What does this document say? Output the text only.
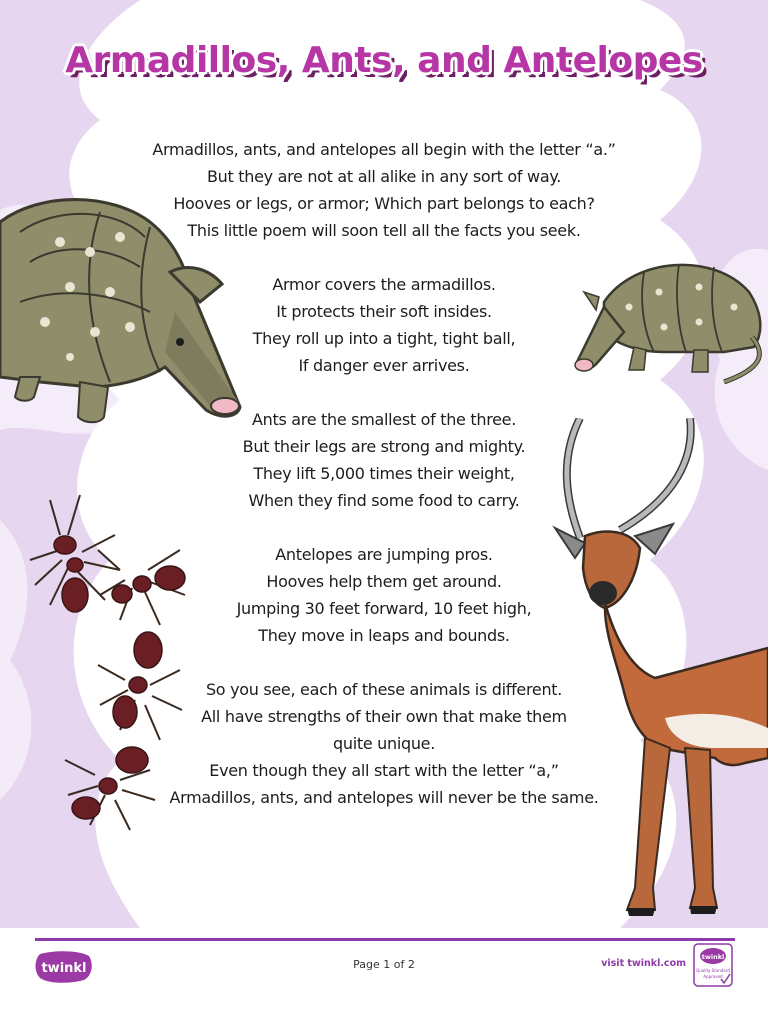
Armadillos, Ants, and Antelopes

Armadillos, ants, and antelopes all begin with the letter “a.”
But they are not at all alike in any sort of way.
Hooves or legs, or armor; Which part belongs to each?
This little poem will soon tell all the facts you seek.

Armor covers the armadillos.
It protects their soft insides.
They roll up into a tight, tight ball,
If danger ever arrives.

Ants are the smallest of the three.
But their legs are strong and mighty.
They lift 5,000 times their weight,
When they find some food to carry.

Antelopes are jumping pros.
Hooves help them get around.
Jumping 30 feet forward, 10 feet high,
They move in leaps and bounds.

So you see, each of these animals is different.
All have strengths of their own that make them
quite unique.
Even though they all start with the letter “a,”
Armadillos, ants, and antelopes will never be the same.

twinkl	Page 1 of 2	visit twinkl.com
twinkl
Quality Standard
Approved
